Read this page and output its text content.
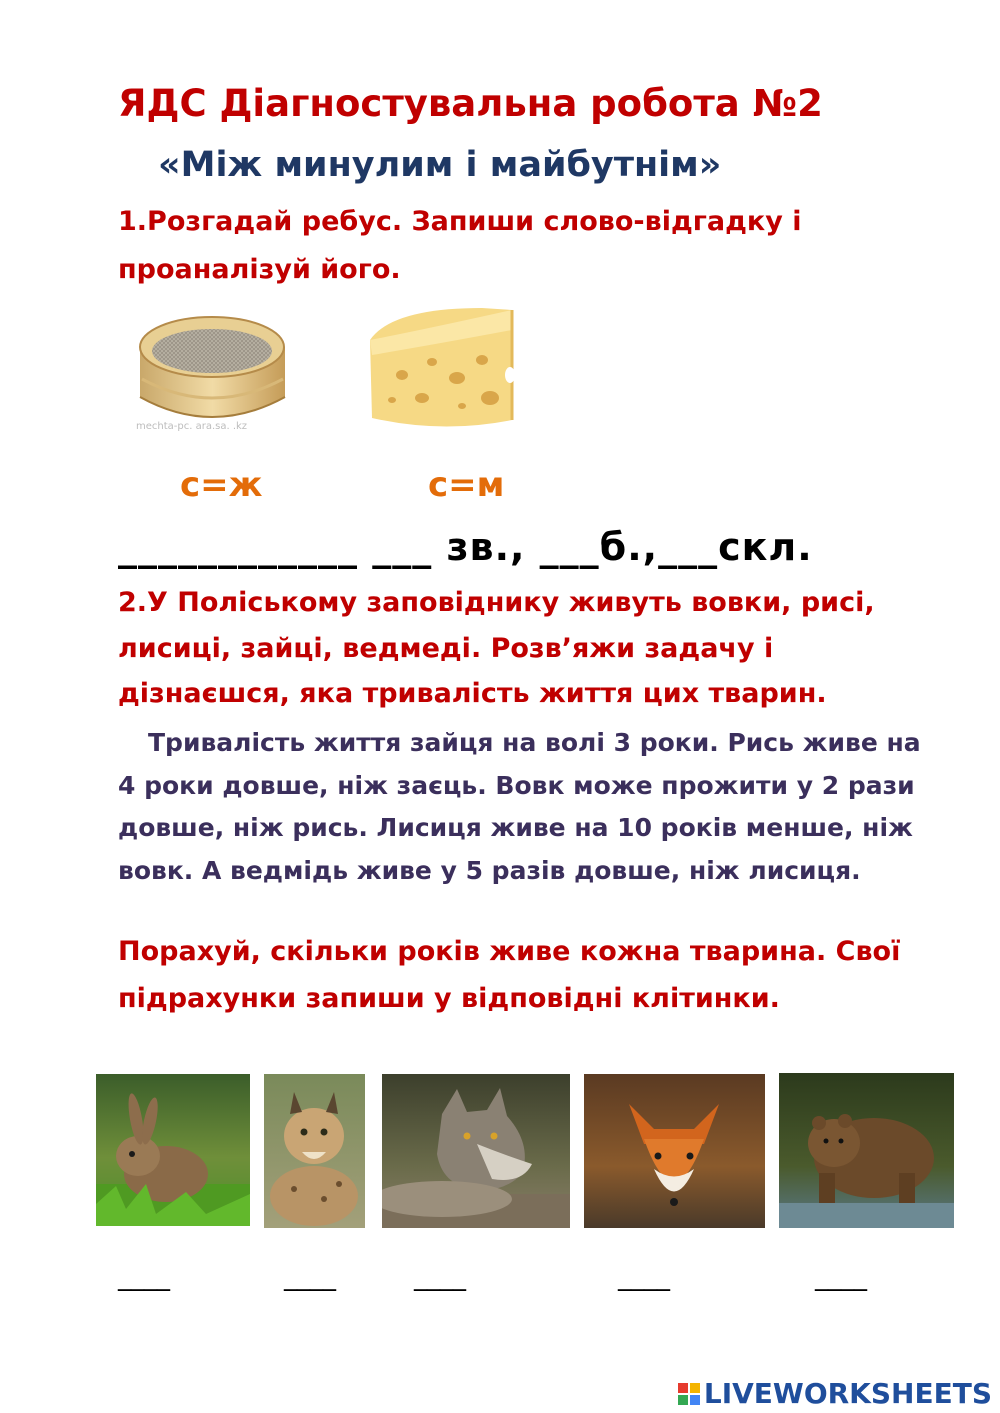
ЯДС Діагностувальна робота №2
«Між минулим і майбутнім»
1.Розгадай ребус. Запиши слово-відгадку і проаналізуй його.
mechta-pc. ara.sa. .kz
с=ж	с=м
____________ ___ зв., ___б.,___скл.
2.У Поліському заповіднику живуть вовки, рисі, лисиці, зайці, ведмеді. Розв’яжи задачу і дізнаєшся, яка тривалість життя цих тварин.
Тривалість життя зайця на волі 3 роки. Рись живе на 4 роки довше, ніж заєць. Вовк може прожити у 2 рази довше, ніж рись. Лисиця живе на 10 років менше, ніж вовк. А ведмідь живе у 5 разів довше, ніж лисиця.
Порахуй, скільки років живе кожна тварина. Свої підрахунки запиши у відповідні клітинки.
____	____	____	____	____
LIVEWORKSHEETS
